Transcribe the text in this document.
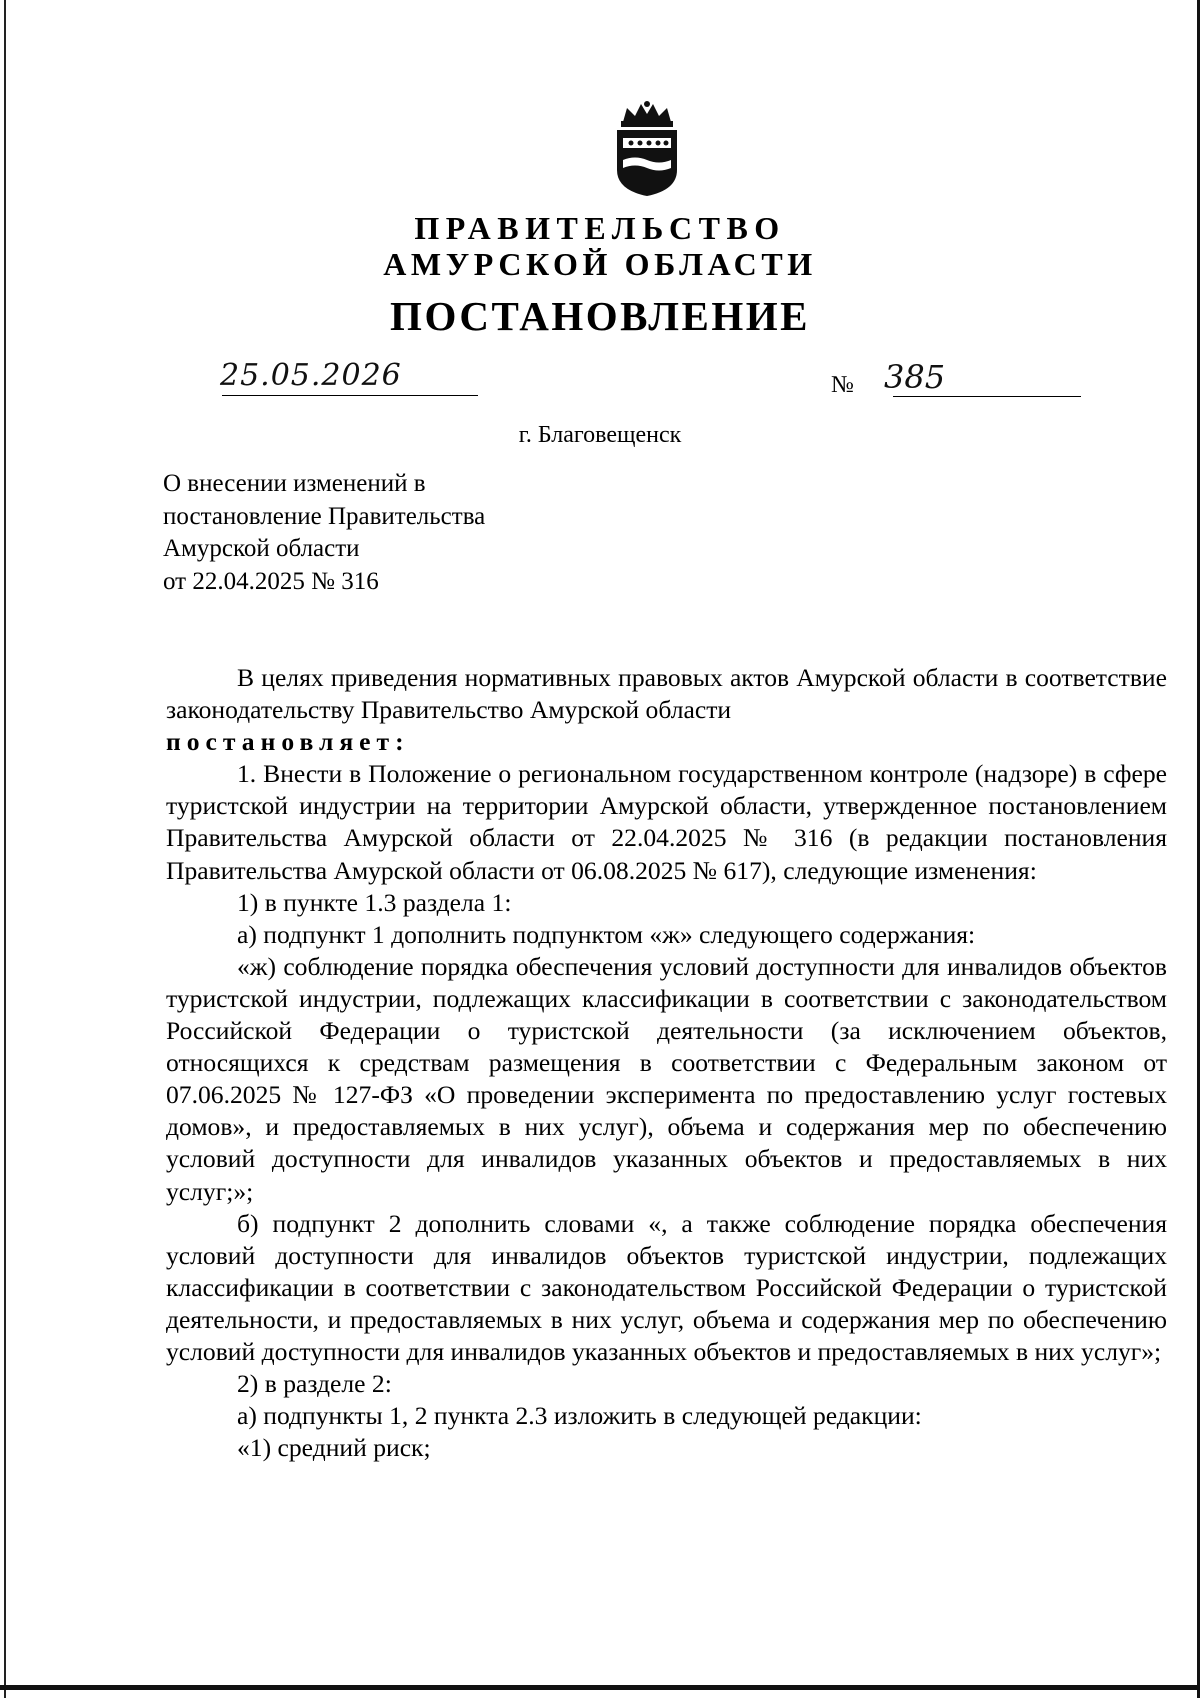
ПРАВИТЕЛЬСТВО
АМУРСКОЙ ОБЛАСТИ
ПОСТАНОВЛЕНИЕ
25.05.2026	№ 385
г. Благовещенск
О внесении изменений в
постановление Правительства
Амурской области
от 22.04.2025 № 316

В целях приведения нормативных правовых актов Амурской области в соответствие законодательству Правительство Амурской области

постановляет:

1. Внести в Положение о региональном государственном контроле (надзоре) в сфере туристской индустрии на территории Амурской области, утвержденное постановлением Правительства Амурской области от 22.04.2025 № 316 (в редакции постановления Правительства Амурской области от 06.08.2025 № 617), следующие изменения:

1) в пункте 1.3 раздела 1:

а) подпункт 1 дополнить подпунктом «ж» следующего содержания:

«ж) соблюдение порядка обеспечения условий доступности для инвалидов объектов туристской индустрии, подлежащих классификации в соответствии с законодательством Российской Федерации о туристской деятельности (за исключением объектов, относящихся к средствам размещения в соответствии с Федеральным законом от 07.06.2025 № 127-ФЗ «О проведении эксперимента по предоставлению услуг гостевых домов», и предоставляемых в них услуг), объема и содержания мер по обеспечению условий доступности для инвалидов указанных объектов и предоставляемых в них услуг;»;

б) подпункт 2 дополнить словами «, а также соблюдение порядка обеспечения условий доступности для инвалидов объектов туристской индустрии, подлежащих классификации в соответствии с законодательством Российской Федерации о туристской деятельности, и предоставляемых в них услуг, объема и содержания мер по обеспечению условий доступности для инвалидов указанных объектов и предоставляемых в них услуг»;

2) в разделе 2:

а) подпункты 1, 2 пункта 2.3 изложить в следующей редакции:

«1) средний риск;
